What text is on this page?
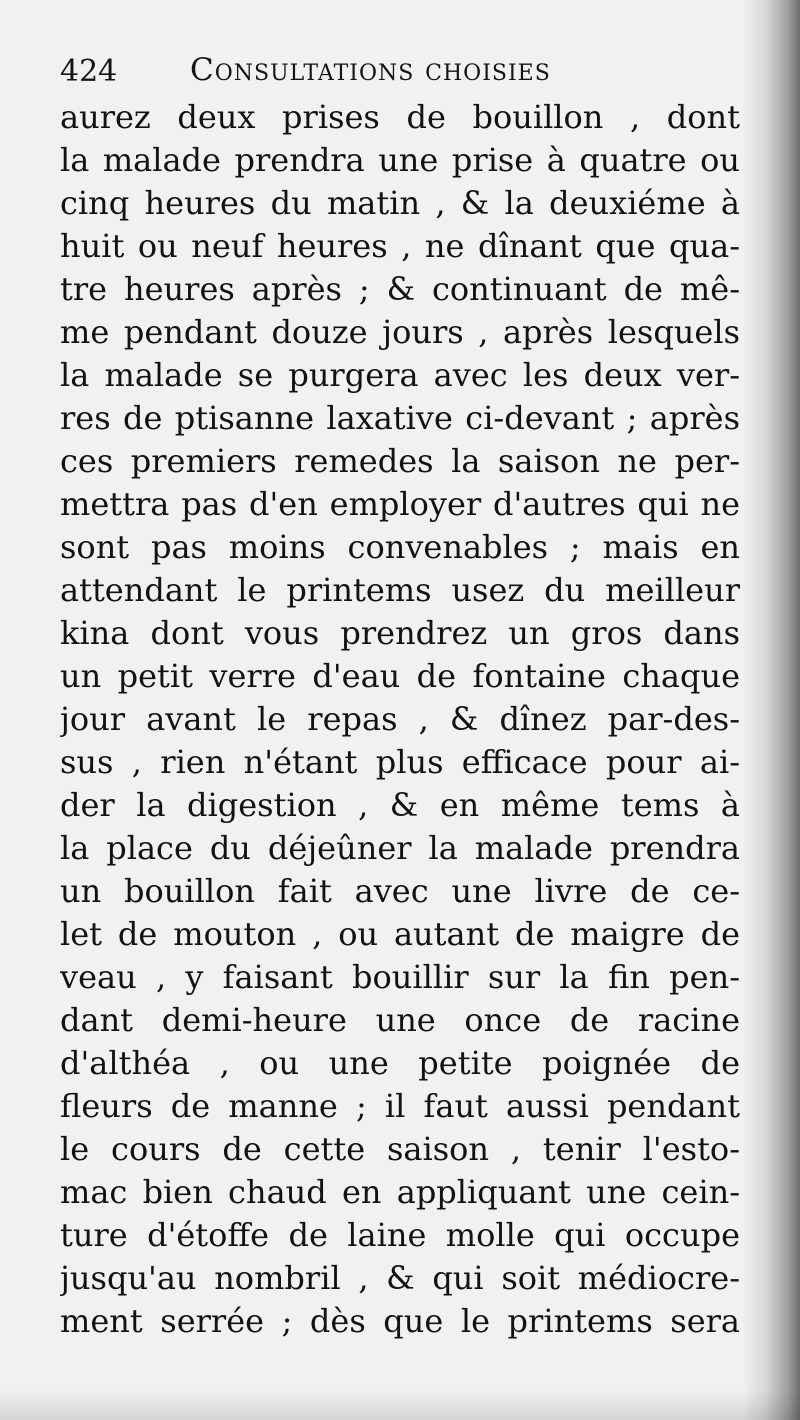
424 Consultations choisies
aurez deux prises de bouillon , dont
la malade prendra une prise à quatre ou
cinq heures du matin , & la deuxiéme à
huit ou neuf heures , ne dînant que qua-
tre heures après ; & continuant de mê-
me pendant douze jours , après lesquels
la malade se purgera avec les deux ver-
res de ptisanne laxative ci-devant ; après
ces premiers remedes la saison ne per-
mettra pas d'en employer d'autres qui ne
sont pas moins convenables ; mais en
attendant le printems usez du meilleur
kina dont vous prendrez un gros dans
un petit verre d'eau de fontaine chaque
jour avant le repas , & dînez par-des-
sus , rien n'étant plus efficace pour ai-
der la digestion , & en même tems à
la place du déjeûner la malade prendra
un bouillon fait avec une livre de ce-
let de mouton , ou autant de maigre de
veau , y faisant bouillir sur la fin pen-
dant demi-heure une once de racine
d'althéa , ou une petite poignée de
fleurs de manne ; il faut aussi pendant
le cours de cette saison , tenir l'esto-
mac bien chaud en appliquant une cein-
ture d'étoffe de laine molle qui occupe
jusqu'au nombril , & qui soit médiocre-
ment serrée ; dès que le printems sera
